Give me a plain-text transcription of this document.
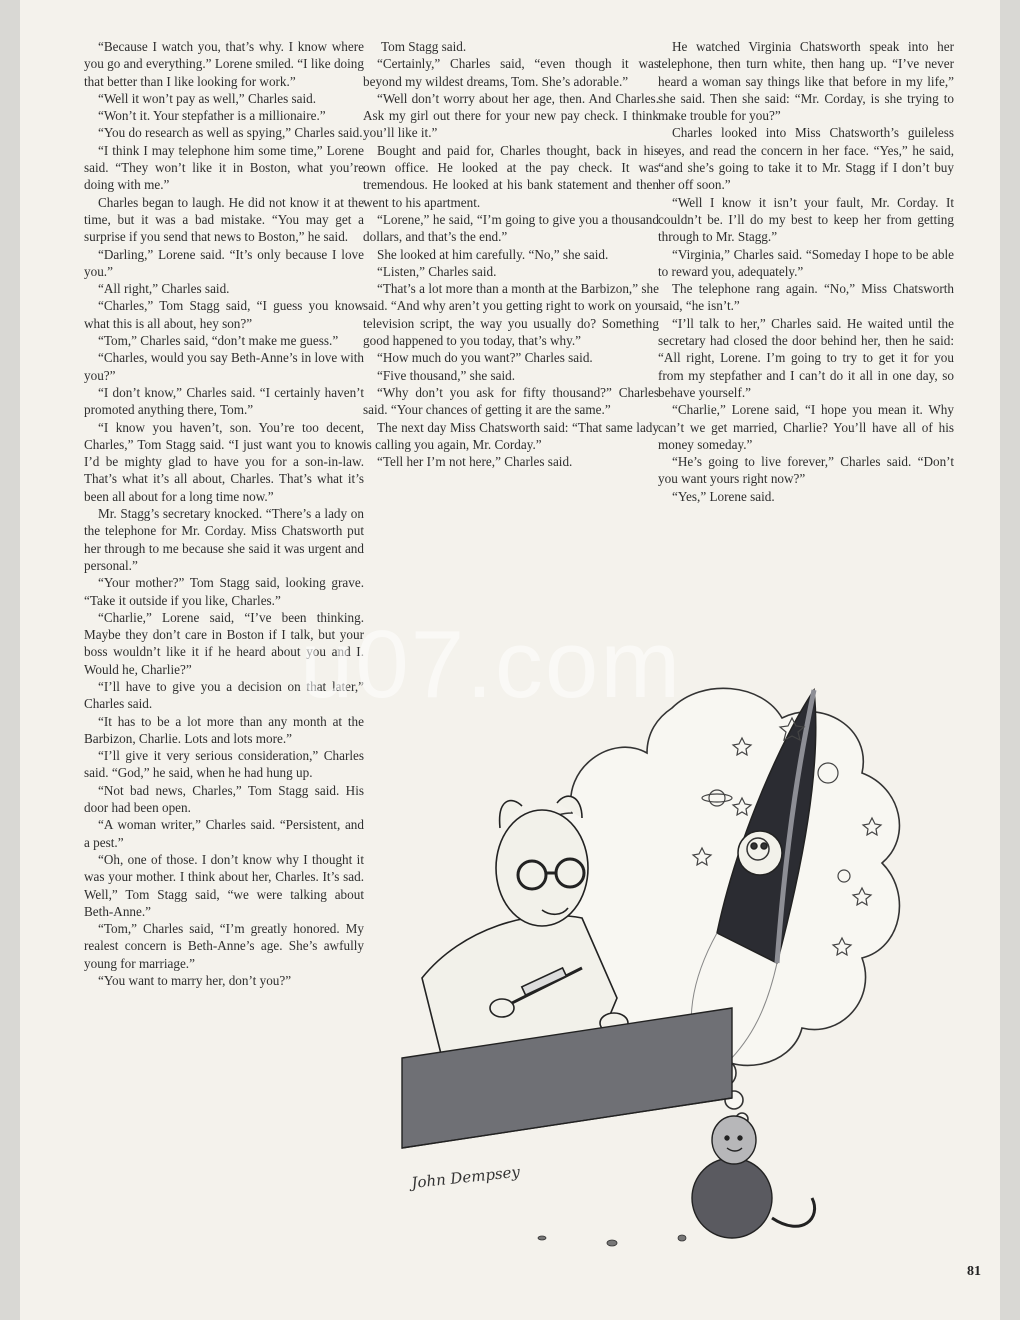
“Because I watch you, that’s why. I know where you go and everything.” Lorene smiled. “I like doing that better than I like looking for work.”

“Well it won’t pay as well,” Charles said.

“Won’t it. Your stepfather is a millionaire.”

“You do research as well as spying,” Charles said.

“I think I may telephone him some time,” Lorene said. “They won’t like it in Boston, what you’re doing with me.”

Charles began to laugh. He did not know it at the time, but it was a bad mistake. “You may get a surprise if you send that news to Boston,” he said.

“Darling,” Lorene said. “It’s only because I love you.”

“All right,” Charles said.

“Charles,” Tom Stagg said, “I guess you know what this is all about, hey son?”

“Tom,” Charles said, “don’t make me guess.”

“Charles, would you say Beth-Anne’s in love with you?”

“I don’t know,” Charles said. “I certainly haven’t promoted anything there, Tom.”

“I know you haven’t, son. You’re too decent, Charles,” Tom Stagg said. “I just want you to know I’d be mighty glad to have you for a son-in-law. That’s what it’s all about, Charles. That’s what it’s been all about for a long time now.”

Mr. Stagg’s secretary knocked. “There’s a lady on the telephone for Mr. Corday. Miss Chatsworth put her through to me because she said it was urgent and personal.”

“Your mother?” Tom Stagg said, looking grave. “Take it outside if you like, Charles.”

“Charlie,” Lorene said, “I’ve been thinking. Maybe they don’t care in Boston if I talk, but your boss wouldn’t like it if he heard about you and I. Would he, Charlie?”

“I’ll have to give you a decision on that later,” Charles said.

“It has to be a lot more than any month at the Barbizon, Charlie. Lots and lots more.”

“I’ll give it very serious consideration,” Charles said. “God,” he said, when he had hung up.

“Not bad news, Charles,” Tom Stagg said. His door had been open.

“A woman writer,” Charles said. “Persistent, and a pest.”

“Oh, one of those. I don’t know why I thought it was your mother. I think about her, Charles. It’s sad. Well,” Tom Stagg said, “we were talking about Beth-Anne.”

“Tom,” Charles said, “I’m greatly honored. My realest concern is Beth-Anne’s age. She’s awfully young for marriage.”

“You want to marry her, don’t you?”

Tom Stagg said.

“Certainly,” Charles said, “even though it was beyond my wildest dreams, Tom. She’s adorable.”

“Well don’t worry about her age, then. And Charles. Ask my girl out there for your new pay check. I think you’ll like it.”

Bought and paid for, Charles thought, back in his own office. He looked at the pay check. It was tremendous. He looked at his bank statement and then went to his apartment.

“Lorene,” he said, “I’m going to give you a thousand dollars, and that’s the end.”

She looked at him carefully. “No,” she said.

“Listen,” Charles said.

“That’s a lot more than a month at the Barbizon,” she said. “And why aren’t you getting right to work on your television script, the way you usually do? Something good happened to you today, that’s why.”

“How much do you want?” Charles said.

“Five thousand,” she said.

“Why don’t you ask for fifty thousand?” Charles said. “Your chances of getting it are the same.”

The next day Miss Chatsworth said: “That same lady is calling you again, Mr. Corday.”

“Tell her I’m not here,” Charles said.

He watched Virginia Chatsworth speak into her telephone, then turn white, then hang up. “I’ve never heard a woman say things like that before in my life,” she said. Then she said: “Mr. Corday, is she trying to make trouble for you?”

Charles looked into Miss Chatsworth’s guileless eyes, and read the concern in her face. “Yes,” he said, “and she’s going to take it to Mr. Stagg if I don’t buy her off soon.”

“Well I know it isn’t your fault, Mr. Corday. It couldn’t be. I’ll do my best to keep her from getting through to Mr. Stagg.”

“Virginia,” Charles said. “Someday I hope to be able to reward you, adequately.”

The telephone rang again. “No,” Miss Chatsworth said, “he isn’t.”

“I’ll talk to her,” Charles said. He waited until the secretary had closed the door behind her, then he said: “All right, Lorene. I’m going to try to get it for you from my stepfather and I can’t do it all in one day, so behave yourself.”

“Charlie,” Lorene said, “I hope you mean it. Why can’t we get married, Charlie? You’ll have all of his money someday.”

“He’s going to live forever,” Charles said. “Don’t you want yours right now?”

“Yes,” Lorene said.

John Dempsey
u07.com
81
